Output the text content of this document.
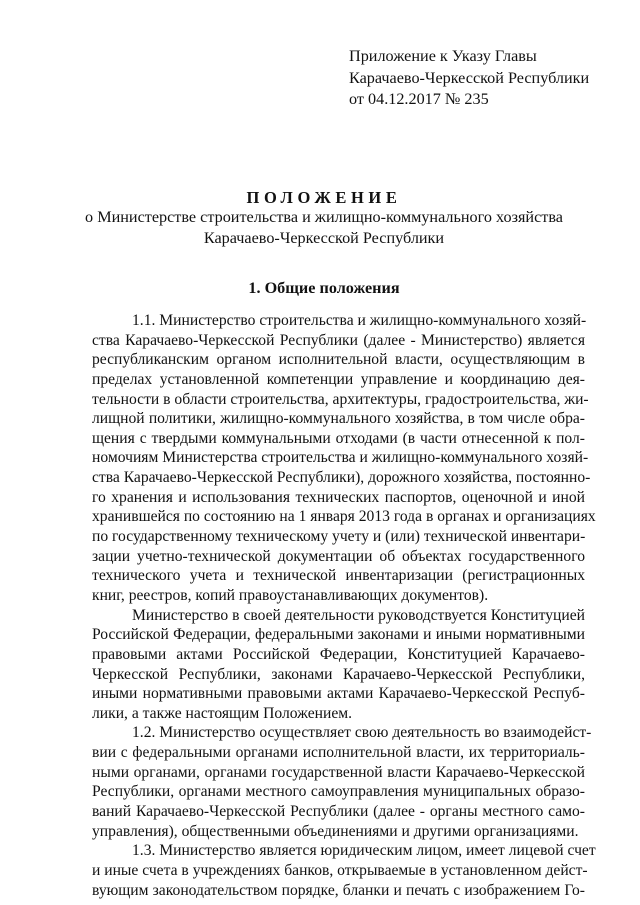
Приложение к Указу Главы
Карачаево-Черкесской Республики
от 04.12.2017 № 235
ПОЛОЖЕНИЕ
о Министерстве строительства и жилищно-коммунального хозяйства
Карачаево-Черкесской Республики
1. Общие положения
1.1. Министерство строительства и жилищно-коммунального хозяй-
ства Карачаево-Черкесской Республики (далее - Министерство) является
республиканским органом исполнительной власти, осуществляющим в
пределах установленной компетенции управление и координацию дея-
тельности в области строительства, архитектуры, градостроительства, жи-
лищной политики, жилищно-коммунального хозяйства, в том числе обра-
щения с твердыми коммунальными отходами (в части отнесенной к пол-
номочиям Министерства строительства и жилищно-коммунального хозяй-
ства Карачаево-Черкесской Республики), дорожного хозяйства, постоянно-
го хранения и использования технических паспортов, оценочной и иной
хранившейся по состоянию на 1 января 2013 года в органах и организациях
по государственному техническому учету и (или) технической инвентари-
зации учетно-технической документации об объектах государственного
технического учета и технической инвентаризации (регистрационных
книг, реестров, копий правоустанавливающих документов).
Министерство в своей деятельности руководствуется Конституцией
Российской Федерации, федеральными законами и иными нормативными
правовыми актами Российской Федерации, Конституцией Карачаево-
Черкесской Республики, законами Карачаево-Черкесской Республики,
иными нормативными правовыми актами Карачаево-Черкесской Респуб-
лики, а также настоящим Положением.
1.2. Министерство осуществляет свою деятельность во взаимодейст-
вии с федеральными органами исполнительной власти, их территориаль-
ными органами, органами государственной власти Карачаево-Черкесской
Республики, органами местного самоуправления муниципальных образо-
ваний Карачаево-Черкесской Республики (далее - органы местного само-
управления), общественными объединениями и другими организациями.
1.3. Министерство является юридическим лицом, имеет лицевой счет
и иные счета в учреждениях банков, открываемые в установленном дейст-
вующим законодательством порядке, бланки и печать с изображением Го-
